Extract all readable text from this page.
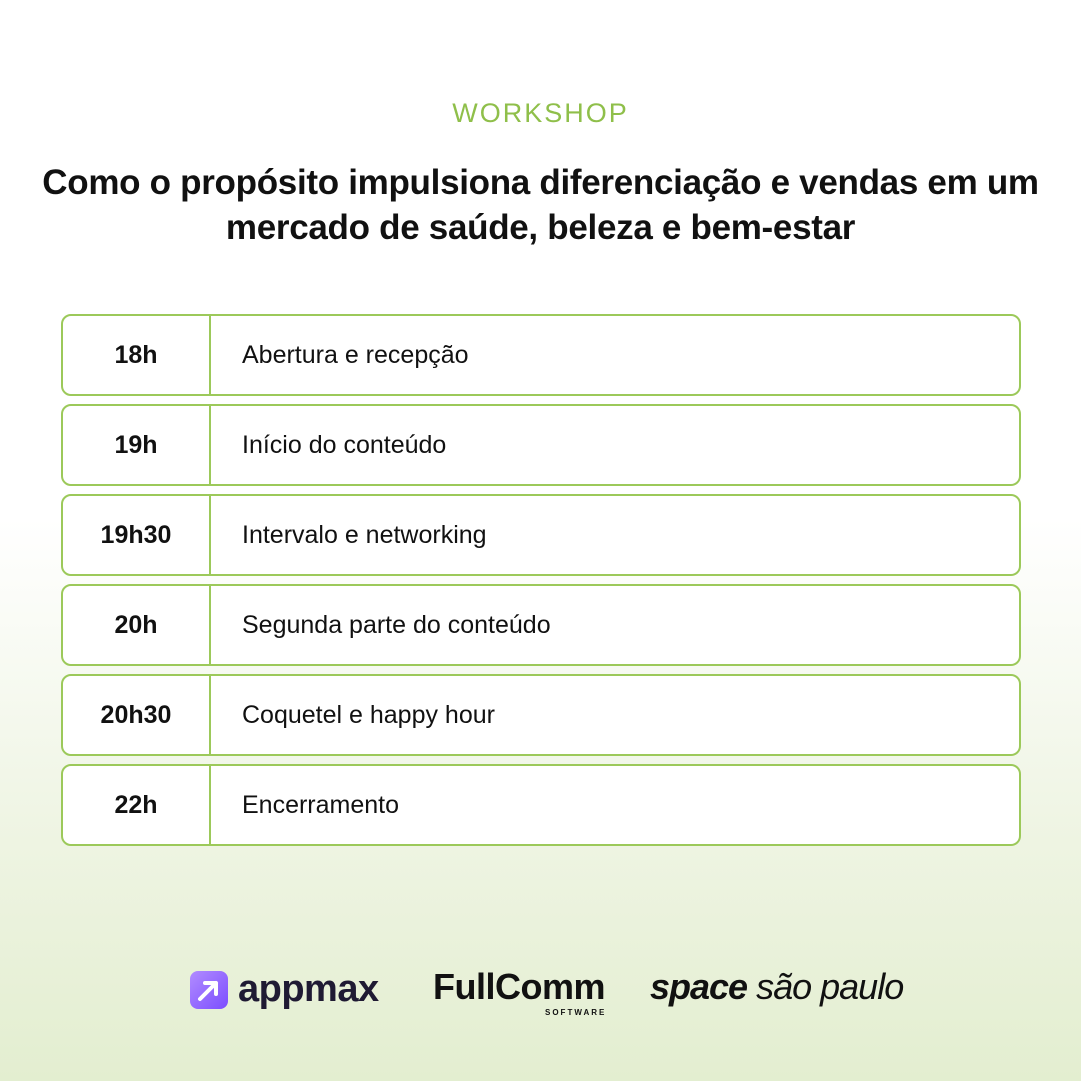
WORKSHOP
Como o propósito impulsiona diferenciação e vendas em um mercado de saúde, beleza e bem-estar
18h	Abertura e recepção
19h	Início do conteúdo
19h30	Intervalo e networking
20h	Segunda parte do conteúdo
20h30	Coquetel e happy hour
22h	Encerramento
appmax FullComm
SOFTWARE
space são paulo
